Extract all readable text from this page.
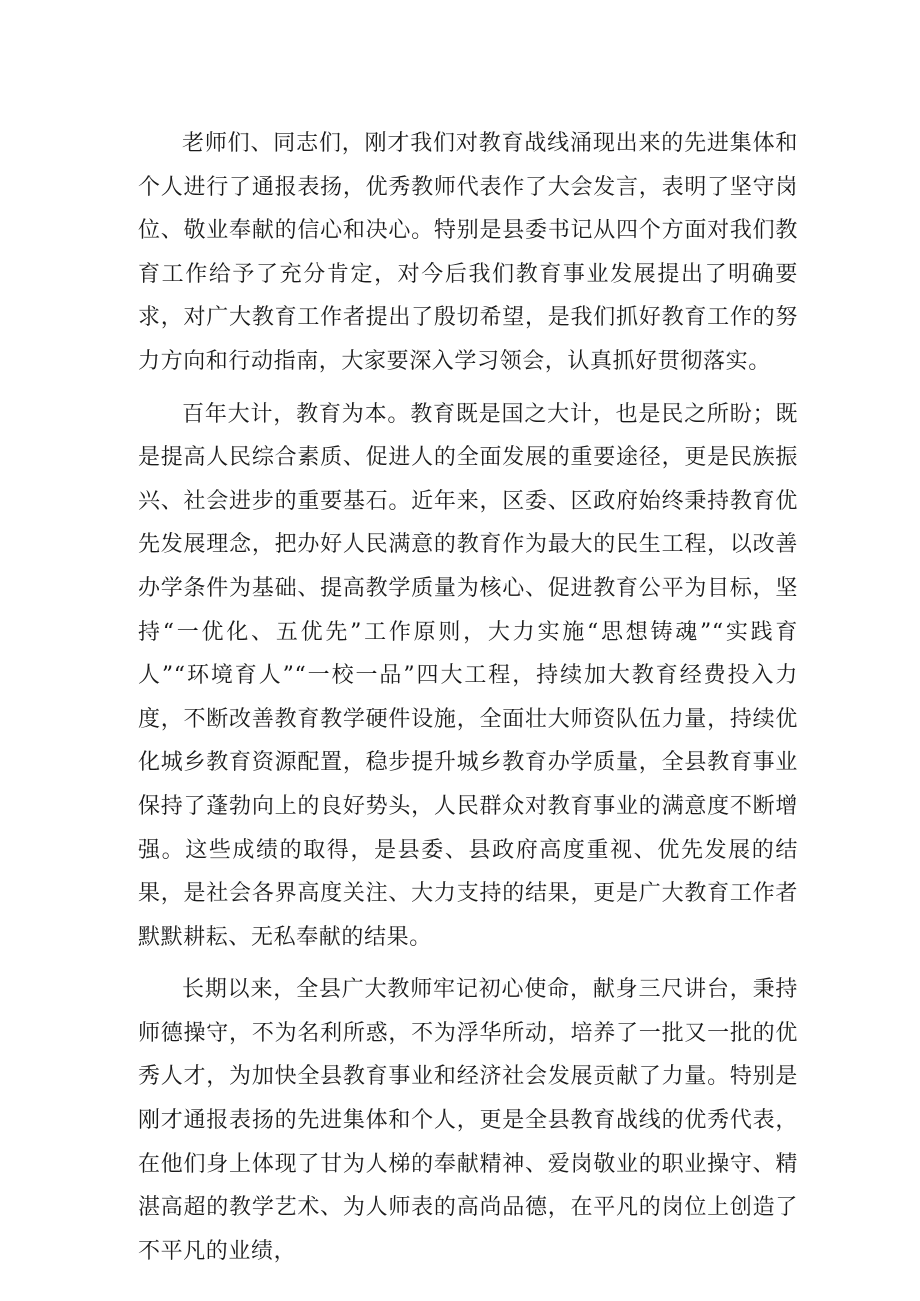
老师们、同志们，刚才我们对教育战线涌现出来的先进集体和个人进行了通报表扬，优秀教师代表作了大会发言，表明了坚守岗位、敬业奉献的信心和决心。特别是县委书记从四个方面对我们教育工作给予了充分肯定，对今后我们教育事业发展提出了明确要求，对广大教育工作者提出了殷切希望，是我们抓好教育工作的努力方向和行动指南，大家要深入学习领会，认真抓好贯彻落实。

百年大计，教育为本。教育既是国之大计，也是民之所盼；既是提高人民综合素质、促进人的全面发展的重要途径，更是民族振兴、社会进步的重要基石。近年来，区委、区政府始终秉持教育优先发展理念，把办好人民满意的教育作为最大的民生工程，以改善办学条件为基础、提高教学质量为核心、促进教育公平为目标，坚持“一优化、五优先”工作原则，大力实施“思想铸魂”“实践育人”“环境育人”“一校一品”四大工程，持续加大教育经费投入力度，不断改善教育教学硬件设施，全面壮大师资队伍力量，持续优化城乡教育资源配置，稳步提升城乡教育办学质量，全县教育事业保持了蓬勃向上的良好势头，人民群众对教育事业的满意度不断增强。这些成绩的取得，是县委、县政府高度重视、优先发展的结果，是社会各界高度关注、大力支持的结果，更是广大教育工作者默默耕耘、无私奉献的结果。

长期以来，全县广大教师牢记初心使命，献身三尺讲台，秉持师德操守，不为名利所惑，不为浮华所动，培养了一批又一批的优秀人才，为加快全县教育事业和经济社会发展贡献了力量。特别是刚才通报表扬的先进集体和个人，更是全县教育战线的优秀代表，在他们身上体现了甘为人梯的奉献精神、爱岗敬业的职业操守、精湛高超的教学艺术、为人师表的高尚品德，在平凡的岗位上创造了不平凡的业绩，
